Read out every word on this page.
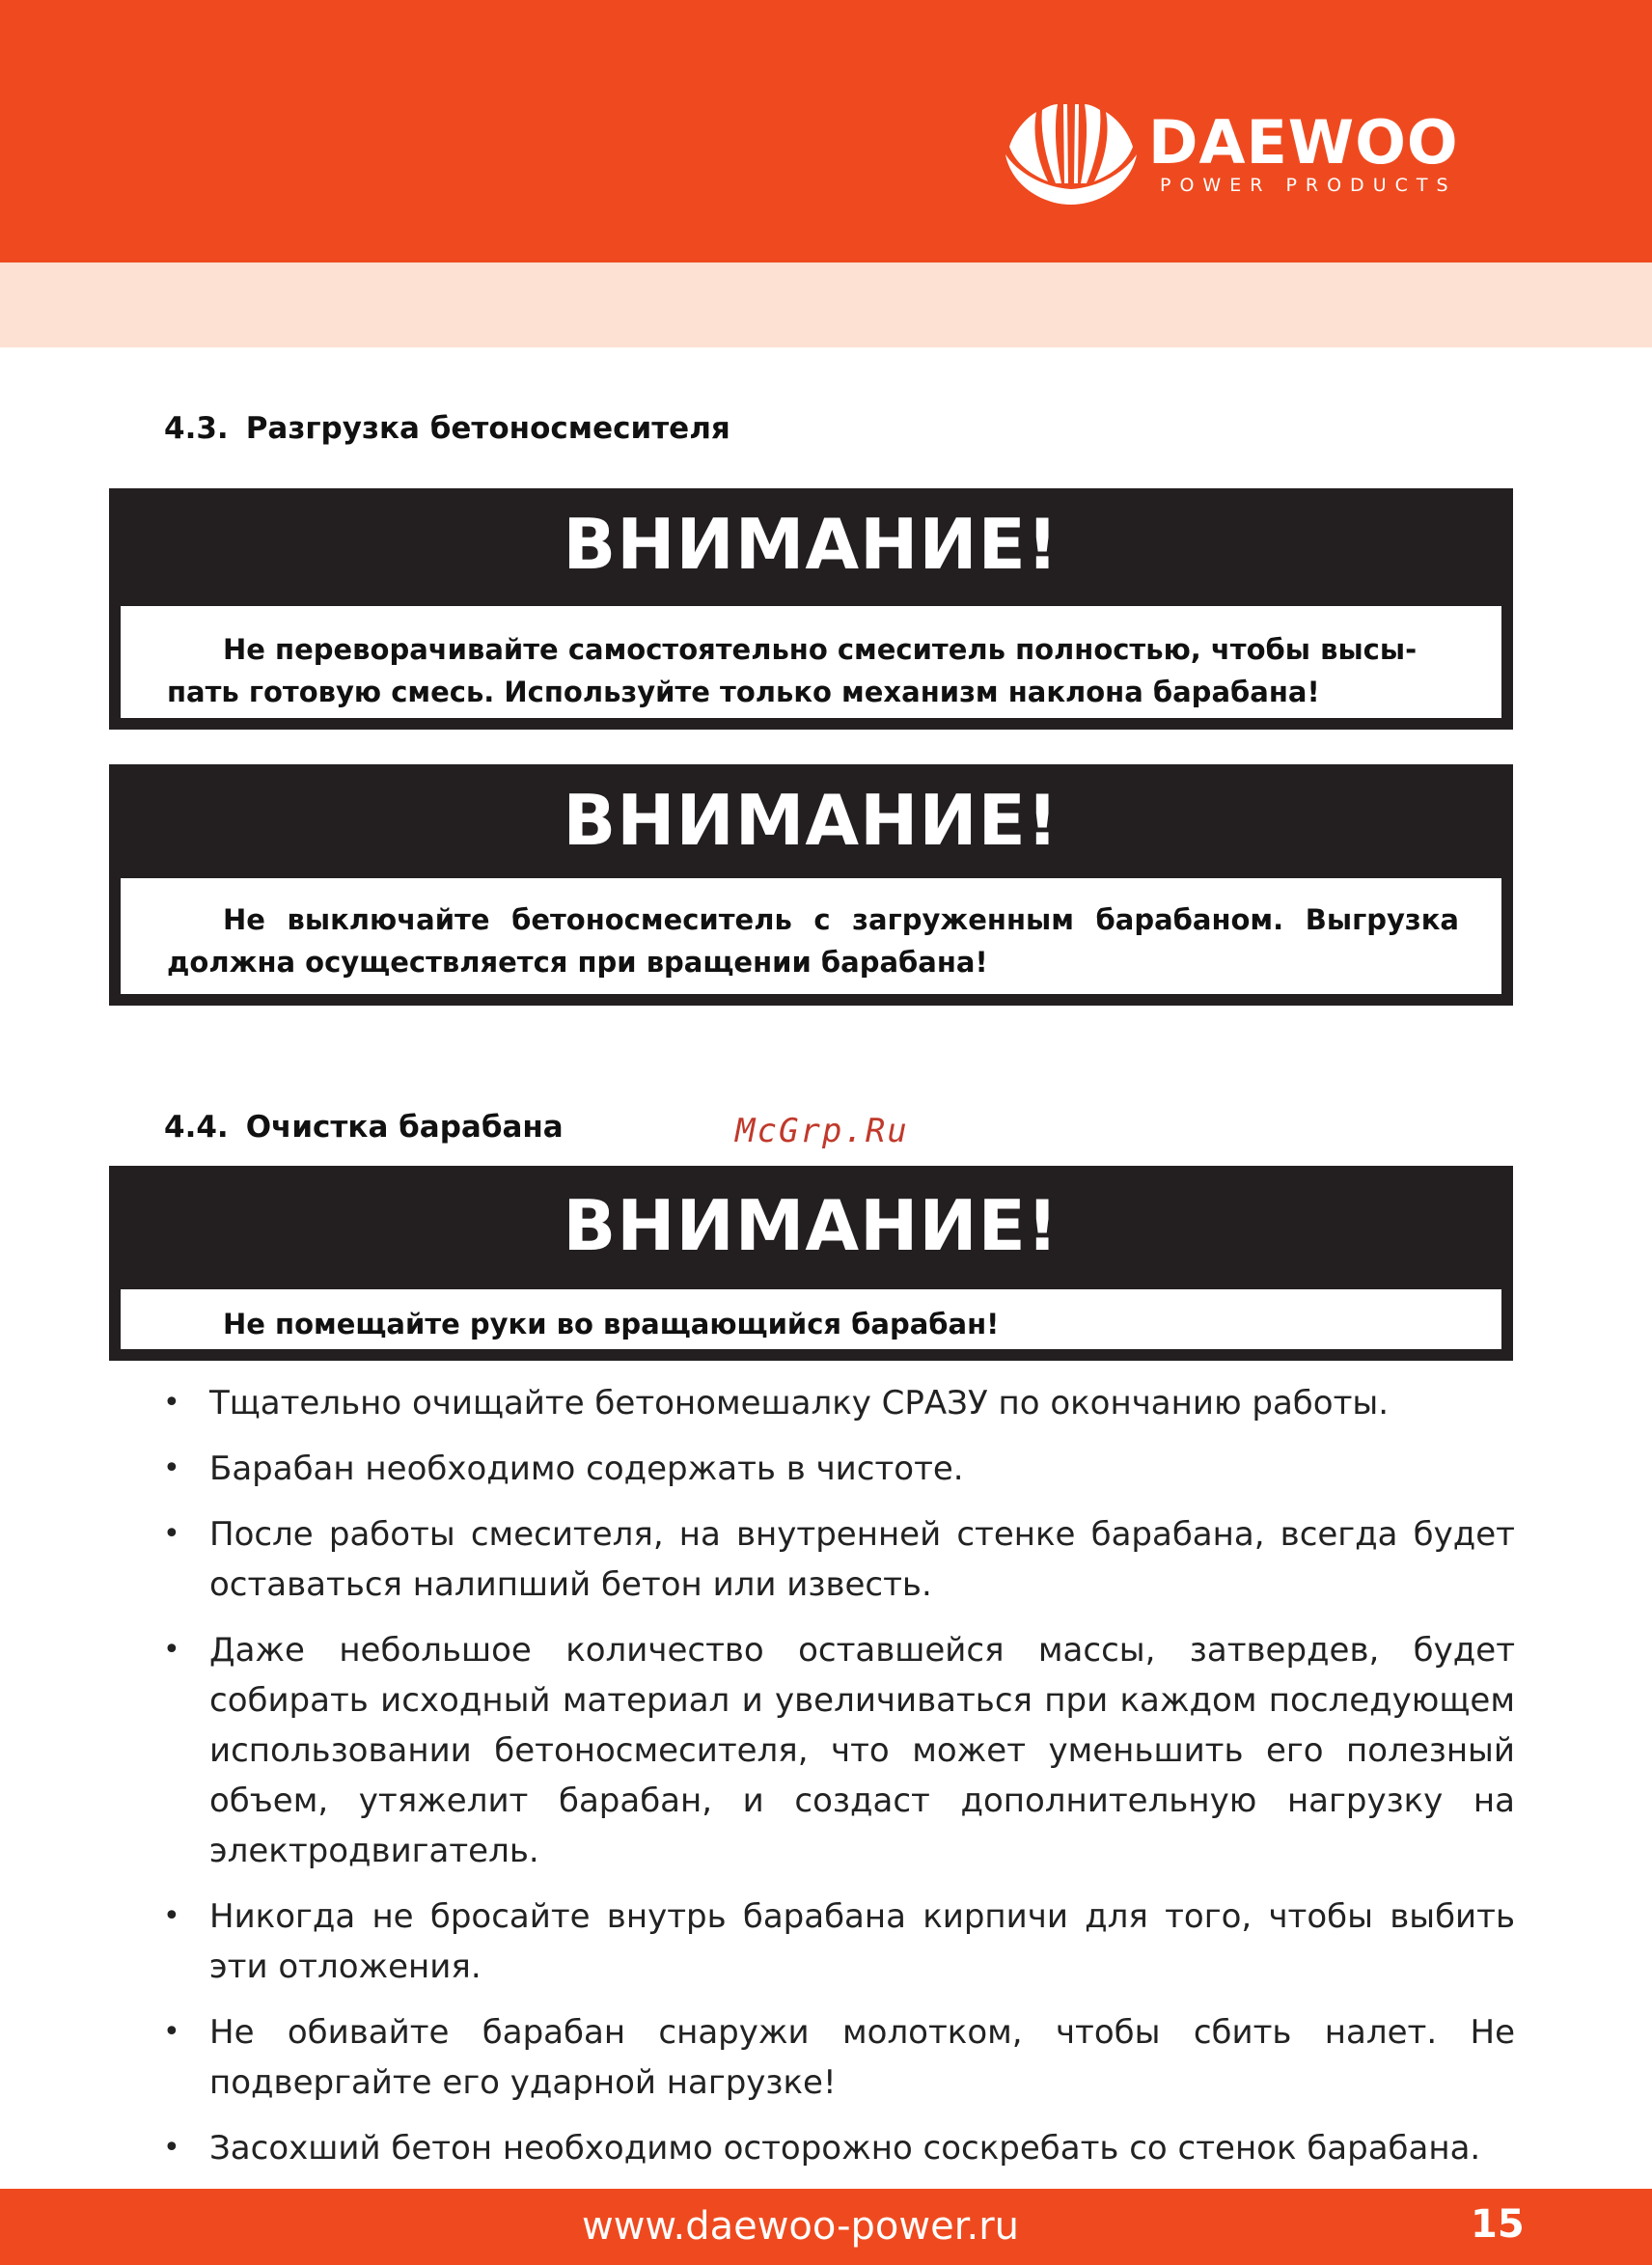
DAEWOO
POWER PRODUCTS
4.3. Разгрузка бетоносмесителя
ВНИМАНИЕ!

Не переворачивайте самостоятельно смеситель полностью, чтобы высы-

пать готовую смесь. Используйте только механизм наклона барабана!

ВНИМАНИЕ!

Не выключайте бетоносмеситель с загруженным барабаном. Выгрузка

должна осуществляется при вращении барабана!

4.4. Очистка барабана	McGrp.Ru
ВНИМАНИЕ!

Не помещайте руки во вращающийся барабан!

• Тщательно очищайте бетономешалку СРАЗУ по окончанию работы.
• Барабан необходимо содержать в чистоте.
• После работы смесителя, на внутренней стенке барабана, всегда будет оставаться налипший бетон или известь.
• Даже небольшое количество оставшейся массы, затвердев, будет собирать исходный материал и увеличиваться при каждом последующем использовании бетоносмесителя, что может уменьшить его полезный объем, утяжелит барабан, и создаст дополнительную нагрузку на электродвигатель.
• Никогда не бросайте внутрь барабана кирпичи для того, чтобы выбить эти отложения.
• Не обивайте барабан снаружи молотком, чтобы сбить налет. Не подвергайте его ударной нагрузке!
• Засохший бетон необходимо осторожно соскребать со стенок барабана.
www.daewoo-power.ru	15
